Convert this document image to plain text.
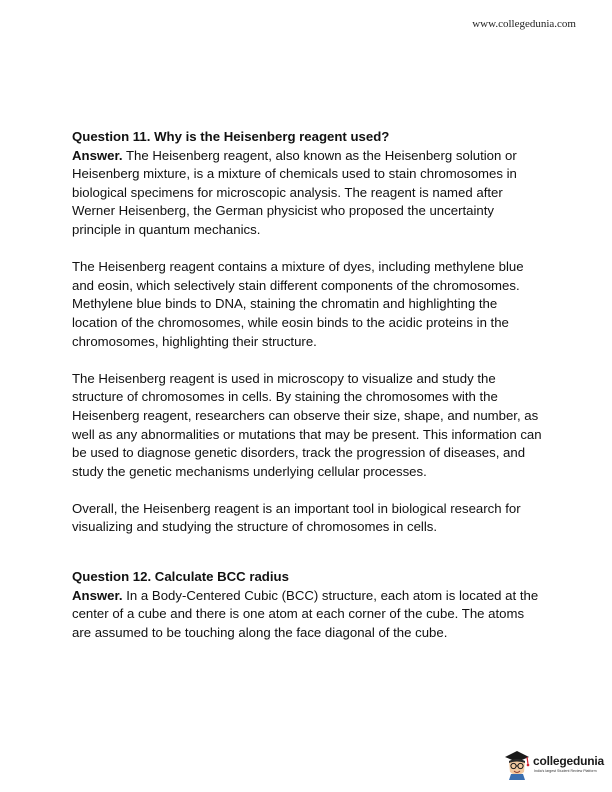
www.collegedunia.com

Question 11. Why is the Heisenberg reagent used?

Answer. The Heisenberg reagent, also known as the Heisenberg solution or Heisenberg mixture, is a mixture of chemicals used to stain chromosomes in biological specimens for microscopic analysis. The reagent is named after Werner Heisenberg, the German physicist who proposed the uncertainty principle in quantum mechanics.

The Heisenberg reagent contains a mixture of dyes, including methylene blue and eosin, which selectively stain different components of the chromosomes. Methylene blue binds to DNA, staining the chromatin and highlighting the location of the chromosomes, while eosin binds to the acidic proteins in the chromosomes, highlighting their structure.

The Heisenberg reagent is used in microscopy to visualize and study the structure of chromosomes in cells. By staining the chromosomes with the Heisenberg reagent, researchers can observe their size, shape, and number, as well as any abnormalities or mutations that may be present. This information can be used to diagnose genetic disorders, track the progression of diseases, and study the genetic mechanisms underlying cellular processes.

Overall, the Heisenberg reagent is an important tool in biological research for visualizing and studying the structure of chromosomes in cells.

Question 12. Calculate BCC radius

Answer. In a Body-Centered Cubic (BCC) structure, each atom is located at the center of a cube and there is one atom at each corner of the cube. The atoms are assumed to be touching along the face diagonal of the cube.

collegedunia
India's largest Student Review Platform
